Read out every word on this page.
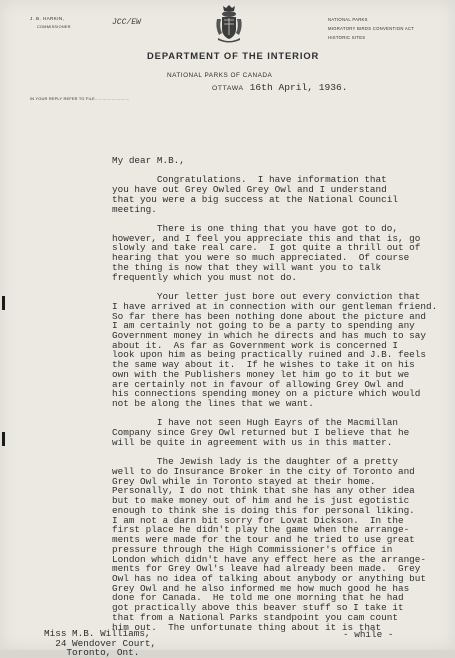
J. B. HARKIN,
COMMISSIONER	JCC/EW	NATIONAL PARKS
MIGRATORY BIRDS CONVENTION ACT
HISTORIC SITES
DEPARTMENT OF THE INTERIOR
NATIONAL PARKS OF CANADA
OTTAWA 16th April, 1936.
IN YOUR REPLY REFER TO FILE...........................
My dear M.B.,
Congratulations.  I have information that
you have out Grey Owled Grey Owl and I understand
that you were a big success at the National Council
meeting.
There is one thing that you have got to do,
however, and I feel you appreciate this and that is, go
slowly and take real care.  I got quite a thrill out of
hearing that you were so much appreciated.  Of course
the thing is now that they will want you to talk
frequently which you must not do.
Your letter just bore out every conviction that
I have arrived at in connection with our gentleman friend.
So far there has been nothing done about the picture and
I am certainly not going to be a party to spending any
Government money in which he directs and has much to say
about it.  As far as Government work is concerned I
look upon him as being practically ruined and J.B. feels
the same way about it.  If he wishes to take it on his
own with the Publishers money let him go to it but we
are certainly not in favour of allowing Grey Owl and
his connections spending money on a picture which would
not be along the lines that we want.
I have not seen Hugh Eayrs of the Macmillan
Company since Grey Owl returned but I believe that he
will be quite in agreement with us in this matter.
The Jewish lady is the daughter of a pretty
well to do Insurance Broker in the city of Toronto and
Grey Owl while in Toronto stayed at their home.
Personally, I do not think that she has any other idea
but to make money out of him and he is just egotistic
enough to think she is doing this for personal liking.
I am not a darn bit sorry for Lovat Dickson.  In the
first place he didn't play the game when the arrange-
ments were made for the tour and he tried to use great
pressure through the High Commissioner's office in
London which didn't have any effect here as the arrange-
ments for Grey Owl's leave had already been made.  Grey
Owl has no idea of talking about anybody or anything but
Grey Owl and he also informed me how much good he has
done for Canada.  He told me one morning that he had
got practically above this beaver stuff so I take it
that from a National Parks standpoint you cam count
him out.  The unfortunate thing about it is that
Miss M.B. Williams,
24 Wendover Court,
Toronto, Ont.
- while -
